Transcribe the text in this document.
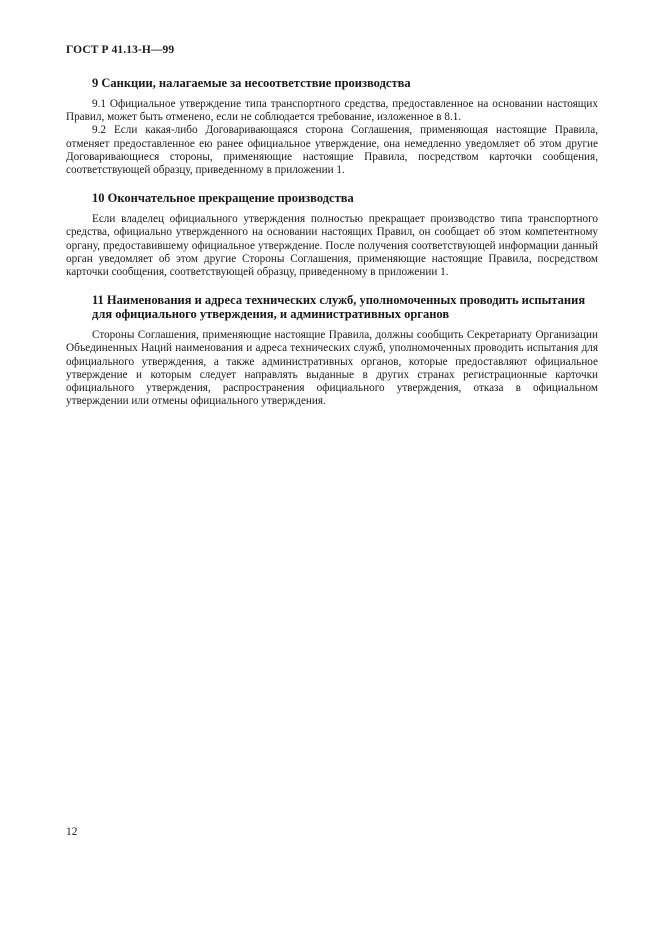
ГОСТ Р 41.13-Н—99
9 Санкции, налагаемые за несоответствие производства

9.1 Официальное утверждение типа транспортного средства, предоставленное на основании настоящих Правил, может быть отменено, если не соблюдается требование, изложенное в 8.1.

9.2 Если какая-либо Договаривающаяся сторона Соглашения, применяющая настоящие Правила, отменяет предоставленное ею ранее официальное утверждение, она немедленно уведомляет об этом другие Договаривающиеся стороны, применяющие настоящие Правила, посредством карточки сообщения, соответствующей образцу, приведенному в приложении 1.

10 Окончательное прекращение производства

Если владелец официального утверждения полностью прекращает производство типа транспортного средства, официально утвержденного на основании настоящих Правил, он сообщает об этом компетентному органу, предоставившему официальное утверждение. После получения соответствующей информации данный орган уведомляет об этом другие Стороны Соглашения, применяющие настоящие Правила, посредством карточки сообщения, соответствующей образцу, приведенному в приложении 1.

11 Наименования и адреса технических служб, уполномоченных проводить испытания для официального утверждения, и административных органов

Стороны Соглашения, применяющие настоящие Правила, должны сообщить Секретариату Организации Объединенных Наций наименования и адреса технических служб, уполномоченных проводить испытания для официального утверждения, а также административных органов, которые предоставляют официальное утверждение и которым следует направлять выданные в других странах регистрационные карточки официального утверждения, распространения официального утверждения, отказа в официальном утверждении или отмены официального утверждения.

12
